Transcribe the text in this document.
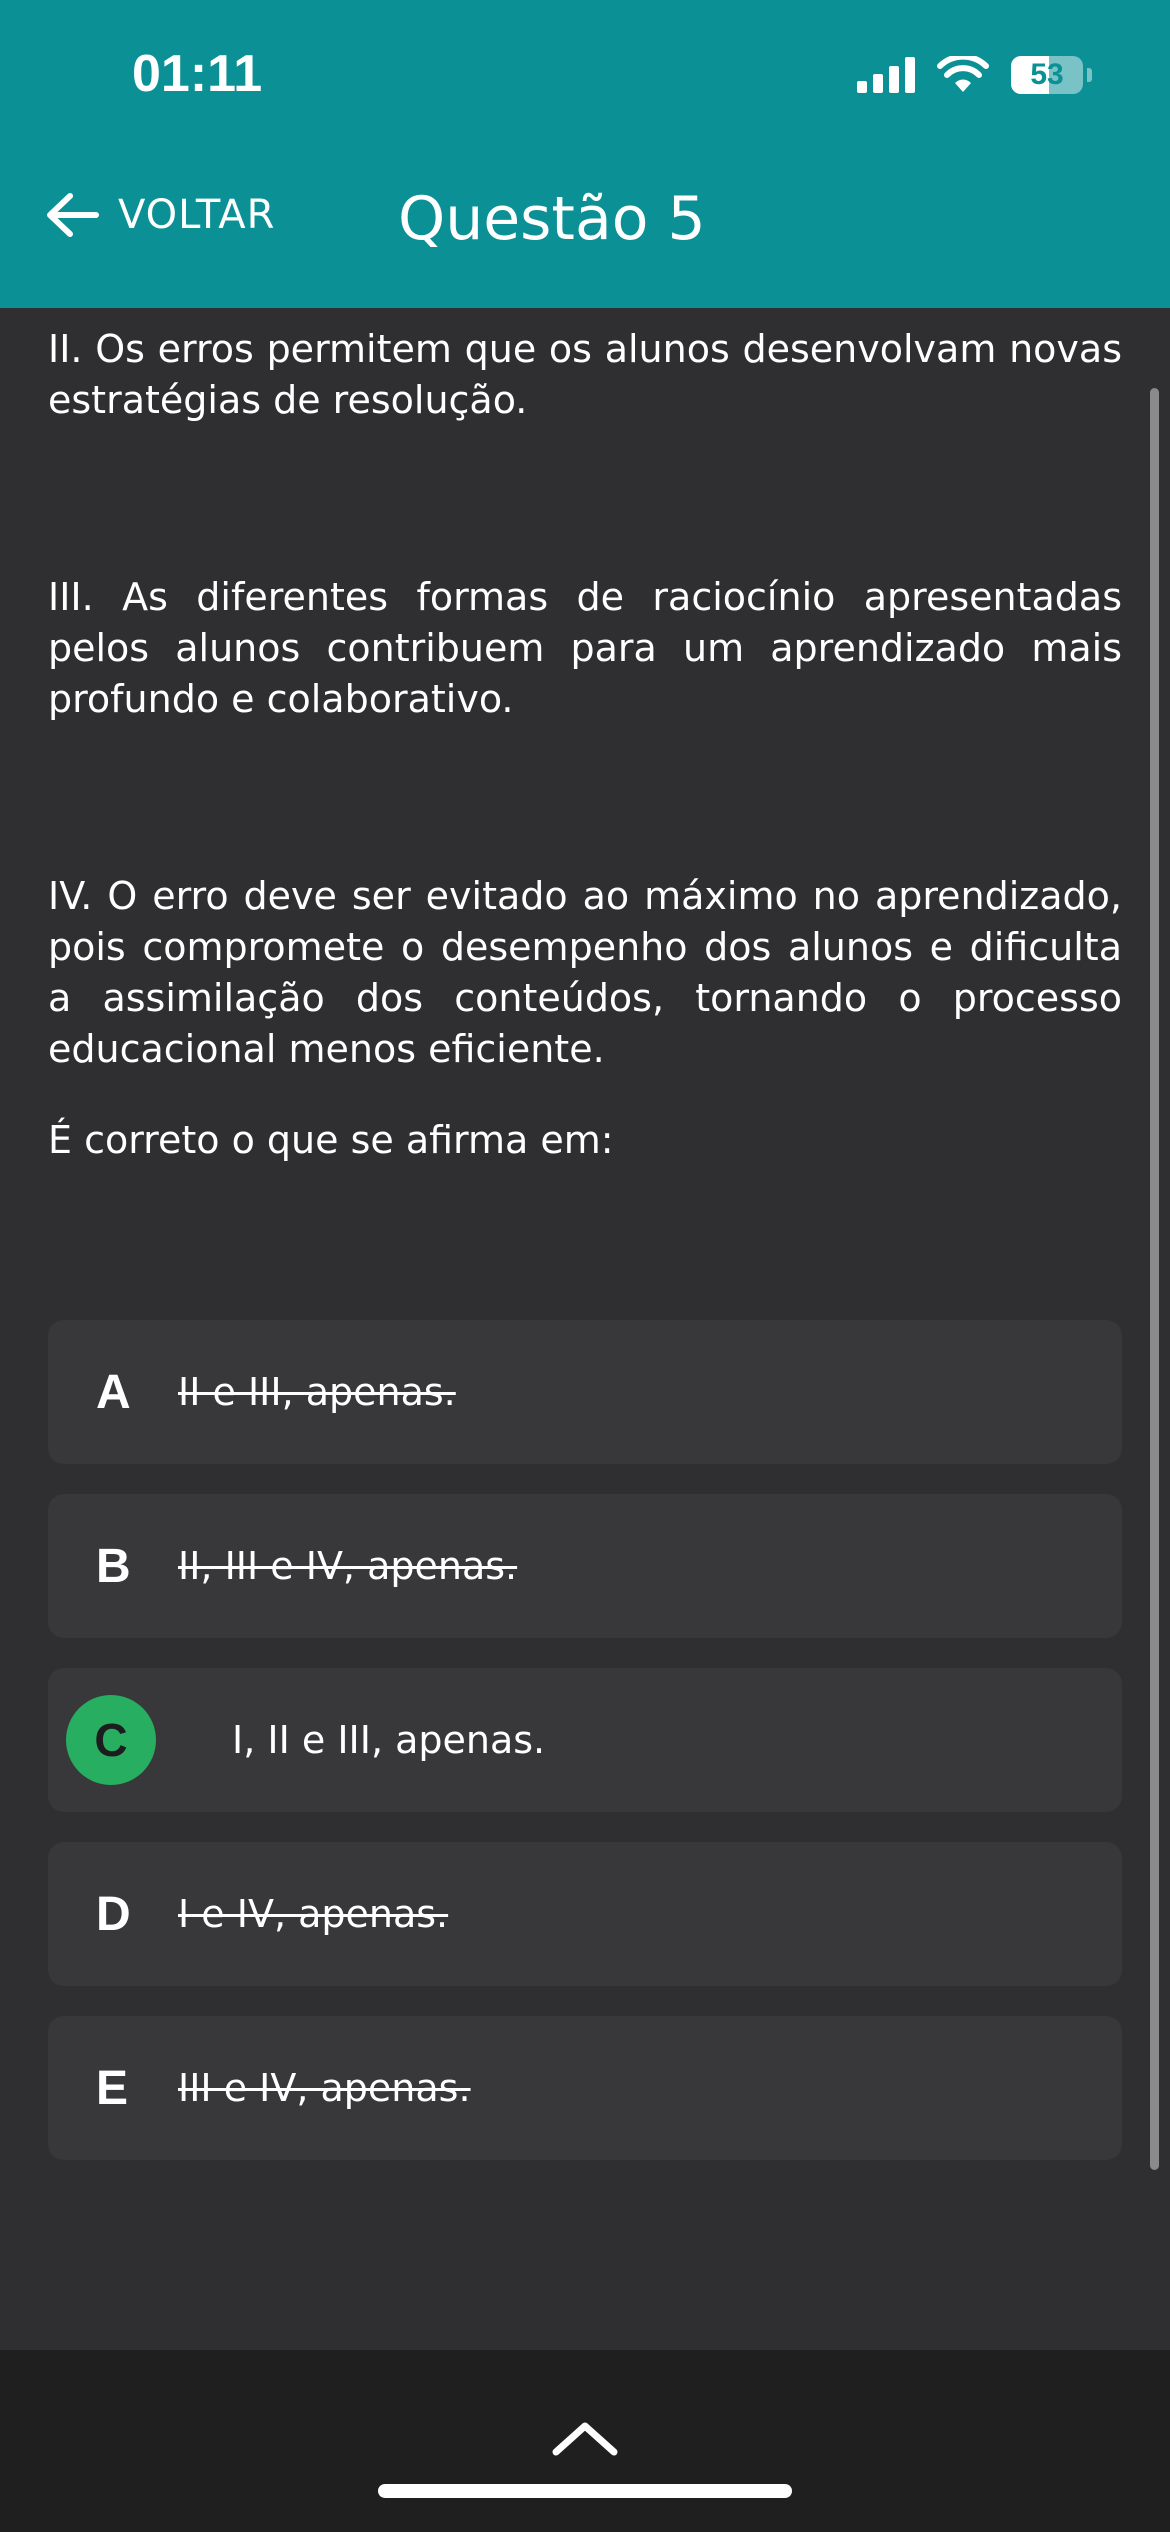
01:11	53
VOLTAR Questão 5

II. Os erros permitem que os alunos desenvolvam novas estratégias de resolução.

III. As diferentes formas de raciocínio apresentadas pelos alunos contribuem para um aprendizado mais profundo e colaborativo.

IV. O erro deve ser evitado ao máximo no aprendizado, pois compromete o desempenho dos alunos e dificulta a assimilação dos conteúdos, tornando o processo educacional menos eficiente.

É correto o que se afirma em:

A II e III, apenas.
B II, III e IV, apenas.
C	I, II e III, apenas.
D I e IV, apenas.
E III e IV, apenas.
